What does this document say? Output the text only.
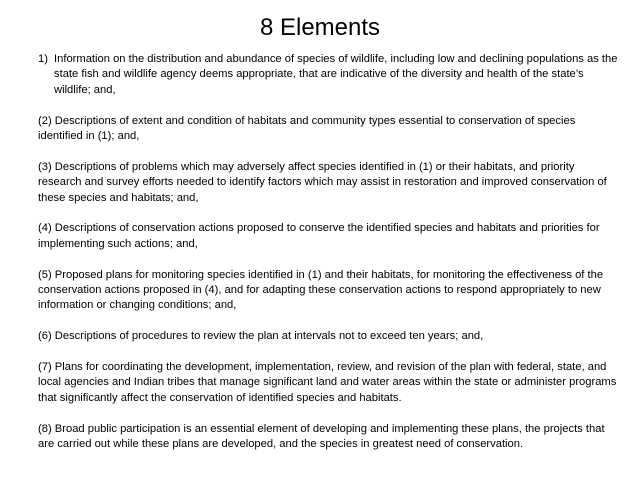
8 Elements
1) Information on the distribution and abundance of species of wildlife, including low and declining populations as the state fish and wildlife agency deems appropriate, that are indicative of the diversity and health of the state’s wildlife; and,

(2) Descriptions of extent and condition of habitats and community types essential to conservation of species identified in (1); and,

(3) Descriptions of problems which may adversely affect species identified in (1) or their habitats, and priority research and survey efforts needed to identify factors which may assist in restoration and improved conservation of these species and habitats; and,

(4) Descriptions of conservation actions proposed to conserve the identified species and habitats and priorities for implementing such actions; and,

(5) Proposed plans for monitoring species identified in (1) and their habitats, for monitoring the effectiveness of the conservation actions proposed in (4), and for adapting these conservation actions to respond appropriately to new information or changing conditions; and,

(6) Descriptions of procedures to review the plan at intervals not to exceed ten years; and,

(7) Plans for coordinating the development, implementation, review, and revision of the plan with federal, state, and local agencies and Indian tribes that manage significant land and water areas within the state or administer programs that significantly affect the conservation of identified species and habitats.

(8) Broad public participation is an essential element of developing and implementing these plans, the projects that are carried out while these plans are developed, and the species in greatest need of conservation.
